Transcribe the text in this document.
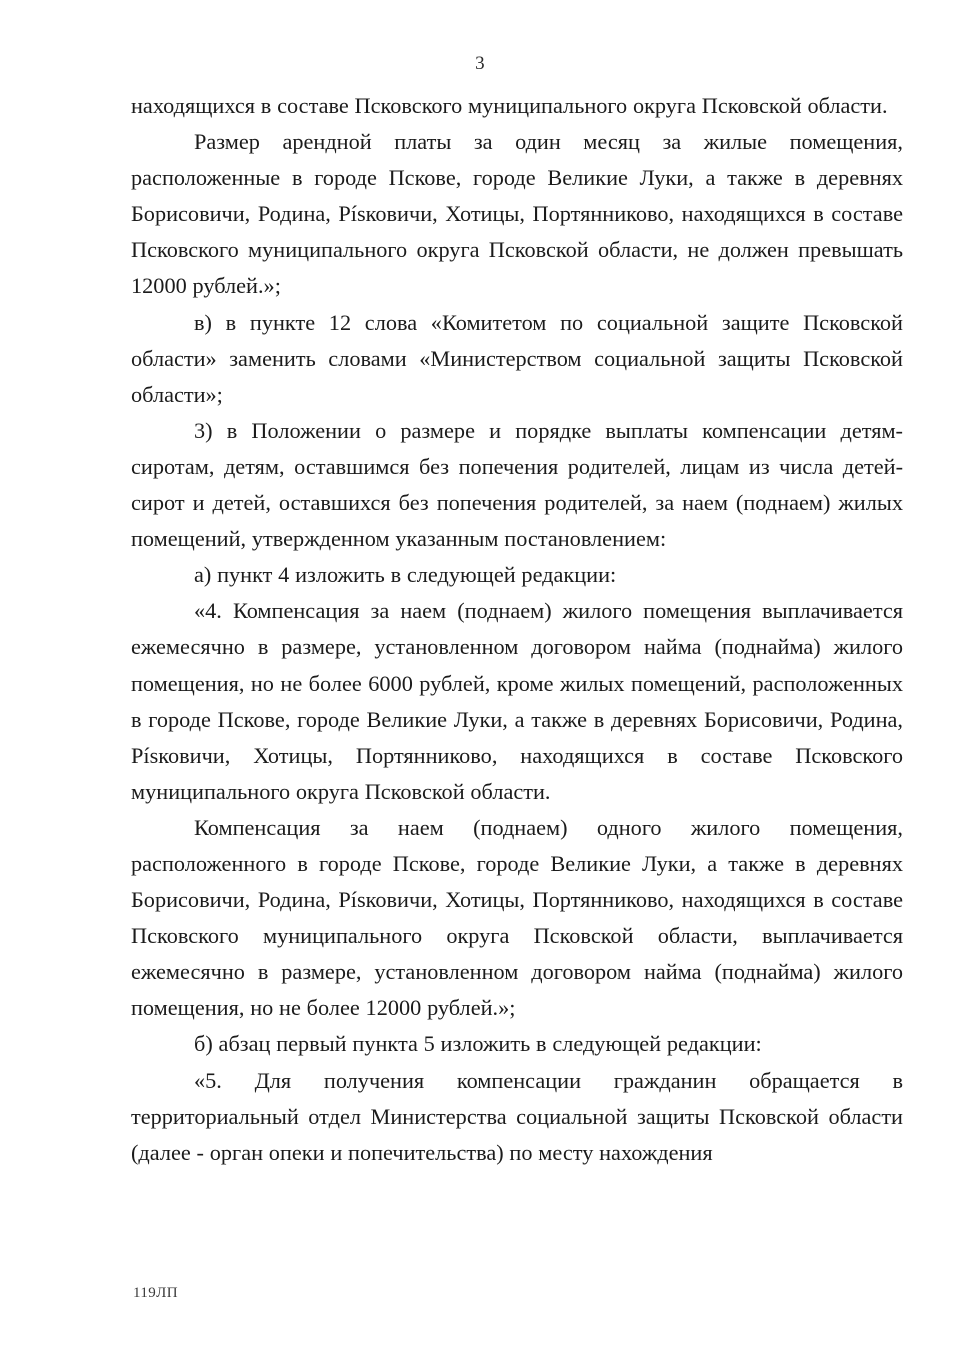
3

находящихся в составе Псковского муниципального округа Псковской области.

Размер арендной платы за один месяц за жилые помещения, расположенные в городе Пскове, городе Великие Луки, а также в деревнях Борисовичи, Родина, Písковичи, Хотицы, Портянниково, находящихся в составе Псковского муниципального округа Псковской области, не должен превышать 12000 рублей.»;

в) в пункте 12 слова «Комитетом по социальной защите Псковской области» заменить словами «Министерством социальной защиты Псковской области»;

3) в Положении о размере и порядке выплаты компенсации детям-сиротам, детям, оставшимся без попечения родителей, лицам из числа детей-сирот и детей, оставшихся без попечения родителей, за наем (поднаем) жилых помещений, утвержденном указанным постановлением:

а) пункт 4 изложить в следующей редакции:

«4. Компенсация за наем (поднаем) жилого помещения выплачивается ежемесячно в размере, установленном договором найма (поднайма) жилого помещения, но не более 6000 рублей, кроме жилых помещений, расположенных в городе Пскове, городе Великие Луки, а также в деревнях Борисовичи, Родина, Písковичи, Хотицы, Портянниково, находящихся в составе Псковского муниципального округа Псковской области.

Компенсация за наем (поднаем) одного жилого помещения, расположенного в городе Пскове, городе Великие Луки, а также в деревнях Борисовичи, Родина, Písковичи, Хотицы, Портянниково, находящихся в составе Псковского муниципального округа Псковской области, выплачивается ежемесячно в размере, установленном договором найма (поднайма) жилого помещения, но не более 12000 рублей.»;

б) абзац первый пункта 5 изложить в следующей редакции:

«5. Для получения компенсации гражданин обращается в территориальный отдел Министерства социальной защиты Псковской области (далее - орган опеки и попечительства) по месту нахождения

119ЛП
